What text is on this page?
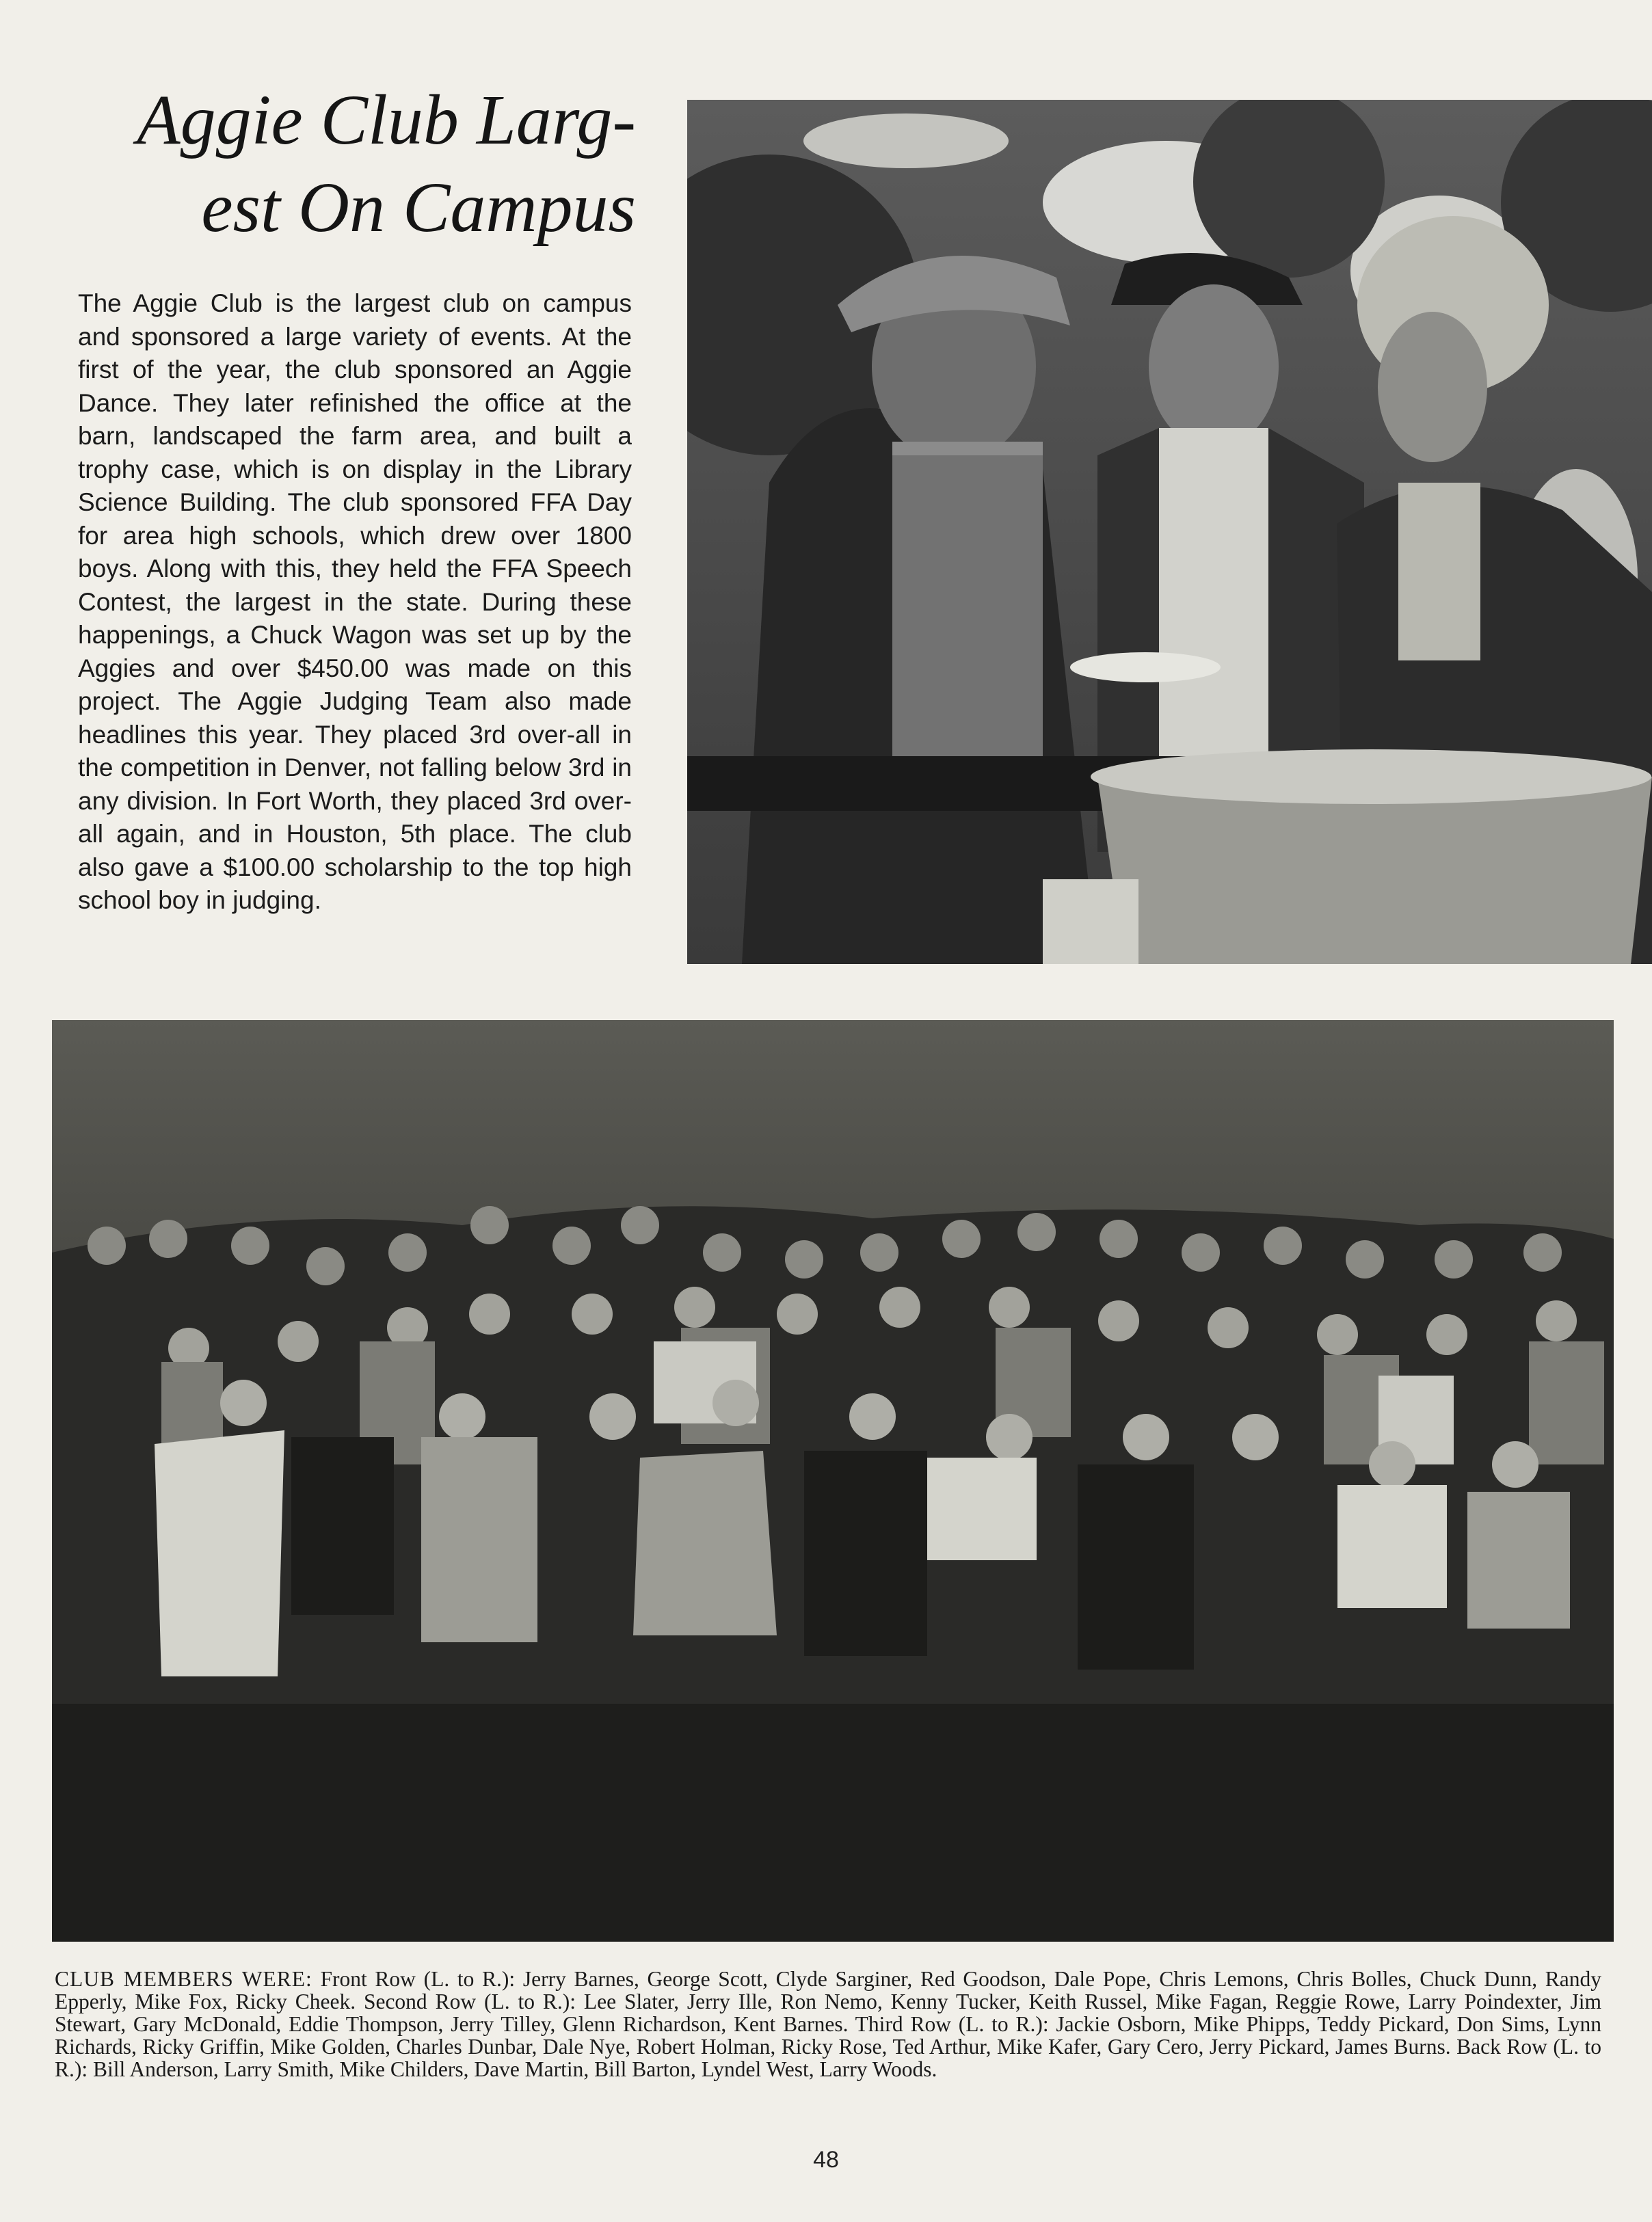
Aggie Club Larg-
est On Campus

The Aggie Club is the largest club on campus and sponsored a large variety of events. At the first of the year, the club sponsored an Aggie Dance. They later refinished the office at the barn, landscaped the farm area, and built a trophy case, which is on display in the Library Science Building. The club sponsored FFA Day for area high schools, which drew over 1800 boys. Along with this, they held the FFA Speech Contest, the largest in the state. During these happenings, a Chuck Wagon was set up by the Aggies and over $450.00 was made on this project. The Aggie Judging Team also made headlines this year. They placed 3rd over-all in the competition in Denver, not falling below 3rd in any division. In Fort Worth, they placed 3rd over-all again, and in Houston, 5th place. The club also gave a $100.00 scholarship to the top high school boy in judging.

CLUB MEMBERS WERE: Front Row (L. to R.): Jerry Barnes, George Scott, Clyde Sarginer, Red Goodson, Dale Pope, Chris Lemons, Chris Bolles, Chuck Dunn, Randy Epperly, Mike Fox, Ricky Cheek. Second Row (L. to R.): Lee Slater, Jerry Ille, Ron Nemo, Kenny Tucker, Keith Russel, Mike Fagan, Reggie Rowe, Larry Poindexter, Jim Stewart, Gary McDonald, Eddie Thompson, Jerry Tilley, Glenn Richardson, Kent Barnes. Third Row (L. to R.): Jackie Osborn, Mike Phipps, Teddy Pickard, Don Sims, Lynn Richards, Ricky Griffin, Mike Golden, Charles Dunbar, Dale Nye, Robert Holman, Ricky Rose, Ted Arthur, Mike Kafer, Gary Cero, Jerry Pickard, James Burns. Back Row (L. to R.): Bill Anderson, Larry Smith, Mike Childers, Dave Martin, Bill Barton, Lyndel West, Larry Woods.

48
